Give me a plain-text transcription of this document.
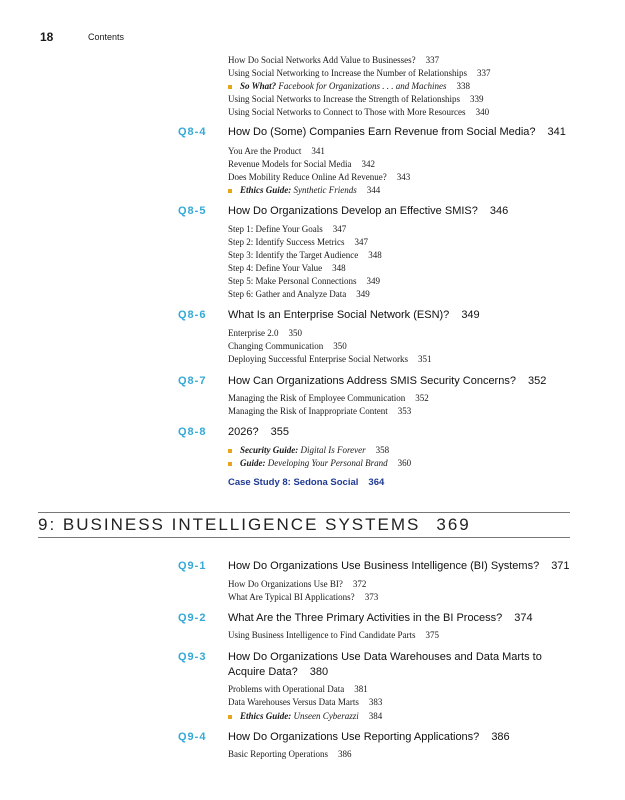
18	Contents
How Do Social Networks Add Value to Businesses? 337
Using Social Networking to Increase the Number of Relationships 337
So What? Facebook for Organizations . . . and Machines 338
Using Social Networks to Increase the Strength of Relationships 339
Using Social Networks to Connect to Those with More Resources 340
Q8-4 How Do (Some) Companies Earn Revenue from Social Media? 341
You Are the Product 341
Revenue Models for Social Media 342
Does Mobility Reduce Online Ad Revenue? 343
Ethics Guide: Synthetic Friends 344
Q8-5 How Do Organizations Develop an Effective SMIS? 346
Step 1: Define Your Goals 347
Step 2: Identify Success Metrics 347
Step 3: Identify the Target Audience 348
Step 4: Define Your Value 348
Step 5: Make Personal Connections 349
Step 6: Gather and Analyze Data 349
Q8-6 What Is an Enterprise Social Network (ESN)? 349
Enterprise 2.0 350
Changing Communication 350
Deploying Successful Enterprise Social Networks 351
Q8-7 How Can Organizations Address SMIS Security Concerns? 352
Managing the Risk of Employee Communication 352
Managing the Risk of Inappropriate Content 353
Q8-8 2026? 355
Security Guide: Digital Is Forever 358
Guide: Developing Your Personal Brand 360
Case Study 8: Sedona Social 364
9: BUSINESS INTELLIGENCE SYSTEMS 369
Q9-1 How Do Organizations Use Business Intelligence (BI) Systems? 371
How Do Organizations Use BI? 372
What Are Typical BI Applications? 373
Q9-2 What Are the Three Primary Activities in the BI Process? 374
Using Business Intelligence to Find Candidate Parts 375
Q9-3 How Do Organizations Use Data Warehouses and Data Marts to Acquire Data? 380
Problems with Operational Data 381
Data Warehouses Versus Data Marts 383
Ethics Guide: Unseen Cyberazzi 384
Q9-4 How Do Organizations Use Reporting Applications? 386
Basic Reporting Operations 386
